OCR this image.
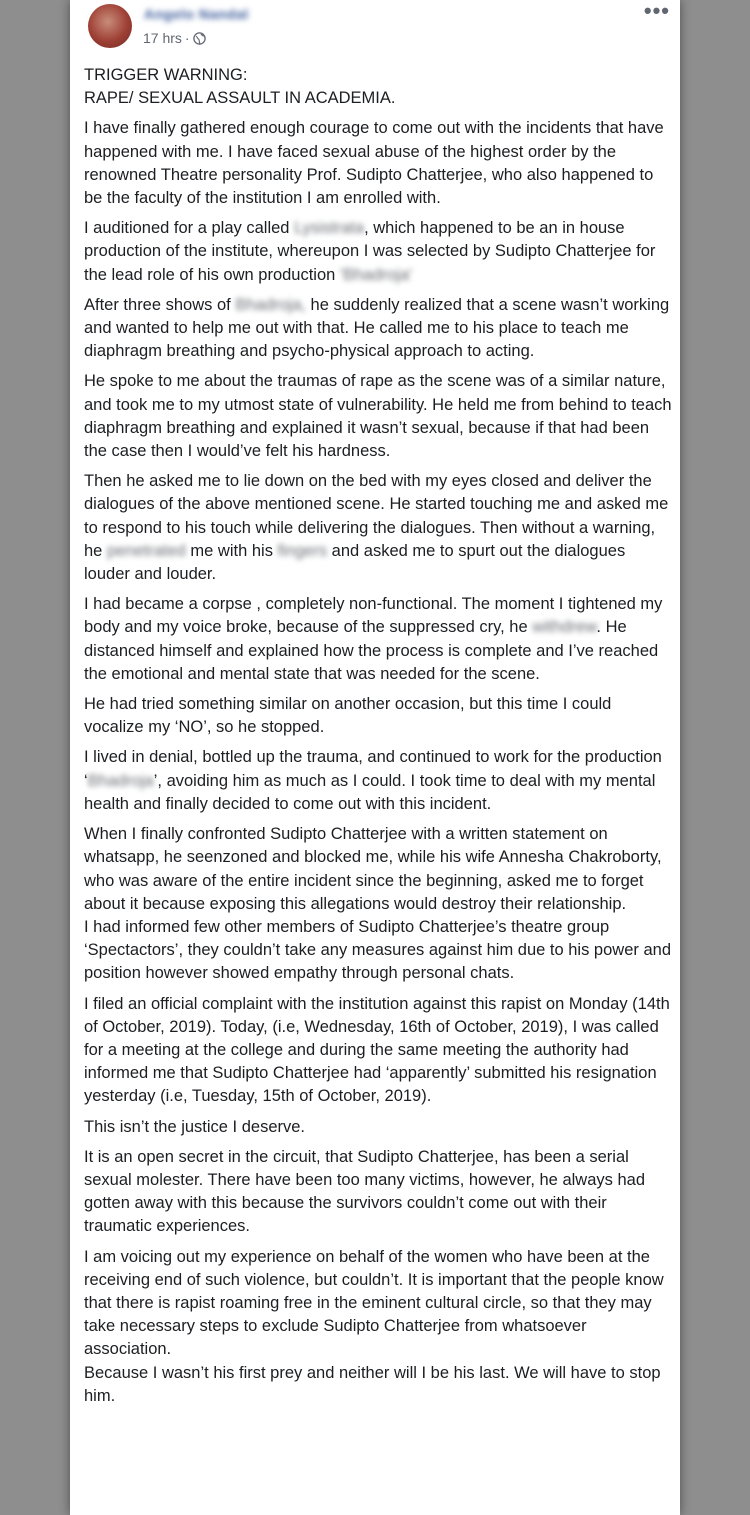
Angelo Nandal
17 hrs ·
•••
TRIGGER WARNING:
RAPE/ SEXUAL ASSAULT IN ACADEMIA.
I have finally gathered enough courage to come out with the incidents that have happened with me. I have faced sexual abuse of the highest order by the renowned Theatre personality Prof. Sudipto Chatterjee, who also happened to be the faculty of the institution I am enrolled with.
I auditioned for a play called Lysistrata, which happened to be an in house production of the institute, whereupon I was selected by Sudipto Chatterjee for the lead role of his own production 'Bhadroja'
After three shows of Bhadroja, he suddenly realized that a scene wasn’t working and wanted to help me out with that. He called me to his place to teach me diaphragm breathing and psycho-physical approach to acting.
He spoke to me about the traumas of rape as the scene was of a similar nature, and took me to my utmost state of vulnerability. He held me from behind to teach diaphragm breathing and explained it wasn’t sexual, because if that had been the case then I would’ve felt his hardness.
Then he asked me to lie down on the bed with my eyes closed and deliver the dialogues of the above mentioned scene. He started touching me and asked me to respond to his touch while delivering the dialogues. Then without a warning, he penetrated me with his fingers and asked me to spurt out the dialogues louder and louder.
I had became a corpse , completely non-functional. The moment I tightened my body and my voice broke, because of the suppressed cry, he withdrew. He distanced himself and explained how the process is complete and I’ve reached the emotional and mental state that was needed for the scene.
He had tried something similar on another occasion, but this time I could vocalize my ‘NO’, so he stopped.
I lived in denial, bottled up the trauma, and continued to work for the production ‘Bhadroja’, avoiding him as much as I could. I took time to deal with my mental health and finally decided to come out with this incident.
When I finally confronted Sudipto Chatterjee with a written statement on whatsapp, he seenzoned and blocked me, while his wife Annesha Chakroborty, who was aware of the entire incident since the beginning, asked me to forget about it because exposing this allegations would destroy their relationship.
I had informed few other members of Sudipto Chatterjee’s theatre group ‘Spectactors’, they couldn’t take any measures against him due to his power and position however showed empathy through personal chats.
I filed an official complaint with the institution against this rapist on Monday (14th of October, 2019). Today, (i.e, Wednesday, 16th of October, 2019), I was called for a meeting at the college and during the same meeting the authority had informed me that Sudipto Chatterjee had ‘apparently’ submitted his resignation yesterday (i.e, Tuesday, 15th of October, 2019).
This isn’t the justice I deserve.
It is an open secret in the circuit, that Sudipto Chatterjee, has been a serial sexual molester. There have been too many victims, however, he always had gotten away with this because the survivors couldn’t come out with their traumatic experiences.
I am voicing out my experience on behalf of the women who have been at the receiving end of such violence, but couldn’t. It is important that the people know that there is rapist roaming free in the eminent cultural circle, so that they may take necessary steps to exclude Sudipto Chatterjee from whatsoever association.
Because I wasn’t his first prey and neither will I be his last. We will have to stop him.
